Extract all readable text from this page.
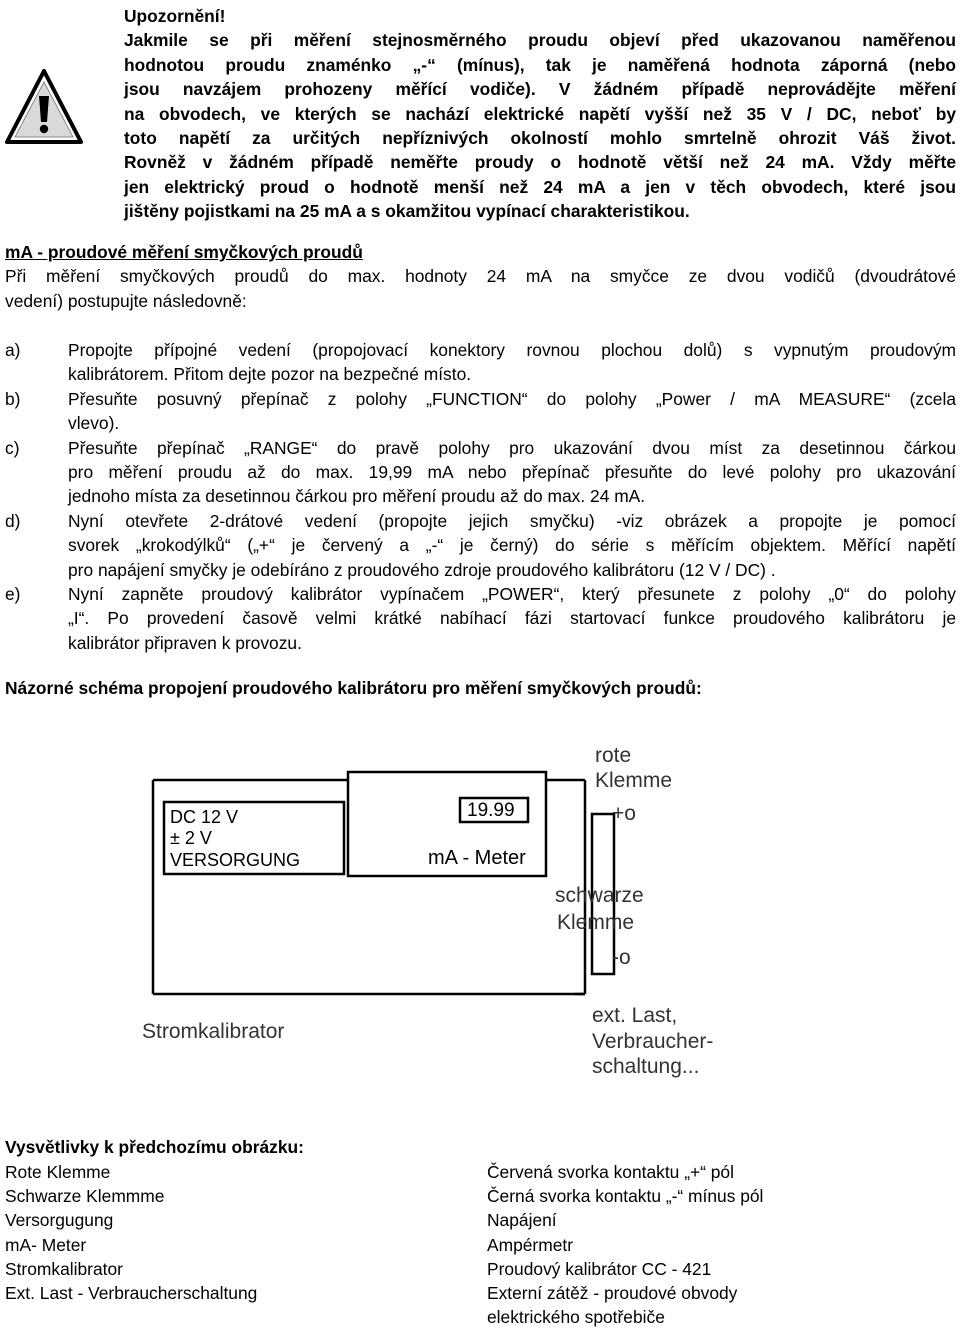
Upozornění!
Jakmile se při měření stejnosměrného proudu objeví před ukazovanou naměřenou
hodnotou proudu znaménko „-“ (mínus), tak je naměřená hodnota záporná (nebo
jsou navzájem prohozeny měřící vodiče). V žádném případě neprovádějte měření
na obvodech, ve kterých se nachází elektrické napětí vyšší než 35 V / DC, neboť by
toto napětí za určitých nepříznivých okolností mohlo smrtelně ohrozit Váš život.
Rovněž v žádném případě neměřte proudy o hodnotě větší než 24 mA. Vždy měřte
jen elektrický proud o hodnotě menší než 24 mA a jen v těch obvodech, které jsou
jištěny pojistkami na 25 mA a s okamžitou vypínací charakteristikou.
mA - proudové měření smyčkových proudů
Při měření smyčkových proudů do max. hodnoty 24 mA na smyčce ze dvou vodičů (dvoudrátové
vedení) postupujte následovně:
a)	Propojte přípojné vedení (propojovací konektory rovnou plochou dolů) s vypnutým proudovým
kalibrátorem. Přitom dejte pozor na bezpečné místo.
b)	Přesuňte posuvný přepínač z polohy „FUNCTION“ do polohy „Power / mA MEASURE“ (zcela
vlevo).
c)	Přesuňte přepínač „RANGE“ do pravě polohy pro ukazování dvou míst za desetinnou čárkou
pro měření proudu až do max. 19,99 mA nebo přepínač přesuňte do levé polohy pro ukazování
jednoho místa za desetinnou čárkou pro měření proudu až do max. 24 mA.
d)	Nyní otevřete 2-drátové vedení (propojte jejich smyčku) -viz obrázek a propojte je pomocí
svorek „krokodýlků“ („+“ je červený a „-“ je černý) do série s měřícím objektem. Měřící napětí
pro napájení smyčky je odebíráno z proudového zdroje proudového kalibrátoru (12 V / DC) .
e)	Nyní zapněte proudový kalibrátor vypínačem „POWER“, který přesunete z polohy „0“ do polohy
„I“. Po provedení časově velmi krátké nabíhací fázi startovací funkce proudového kalibrátoru je
kalibrátor připraven k provozu.
Názorné schéma propojení proudového kalibrátoru pro měření smyčkových proudů:
DC 12 V
± 2 V
VERSORGUNG
19.99
mA - Meter
rote
Klemme
+o
schwarze
Klemme
-o
Stromkalibrator
ext. Last,
Verbraucher-
schaltung...
Vysvětlivky k předchozímu obrázku:
Rote Klemme	Červená svorka kontaktu „+“ pól
Schwarze Klemmme	Černá svorka kontaktu „-“ mínus pól
Versorgugung	Napájení
mA- Meter	Ampérmetr
Stromkalibrator	Proudový kalibrátor CC - 421
Ext. Last - Verbraucherschaltung	Externí zátěž - proudové obvody elektrického spotřebiče
